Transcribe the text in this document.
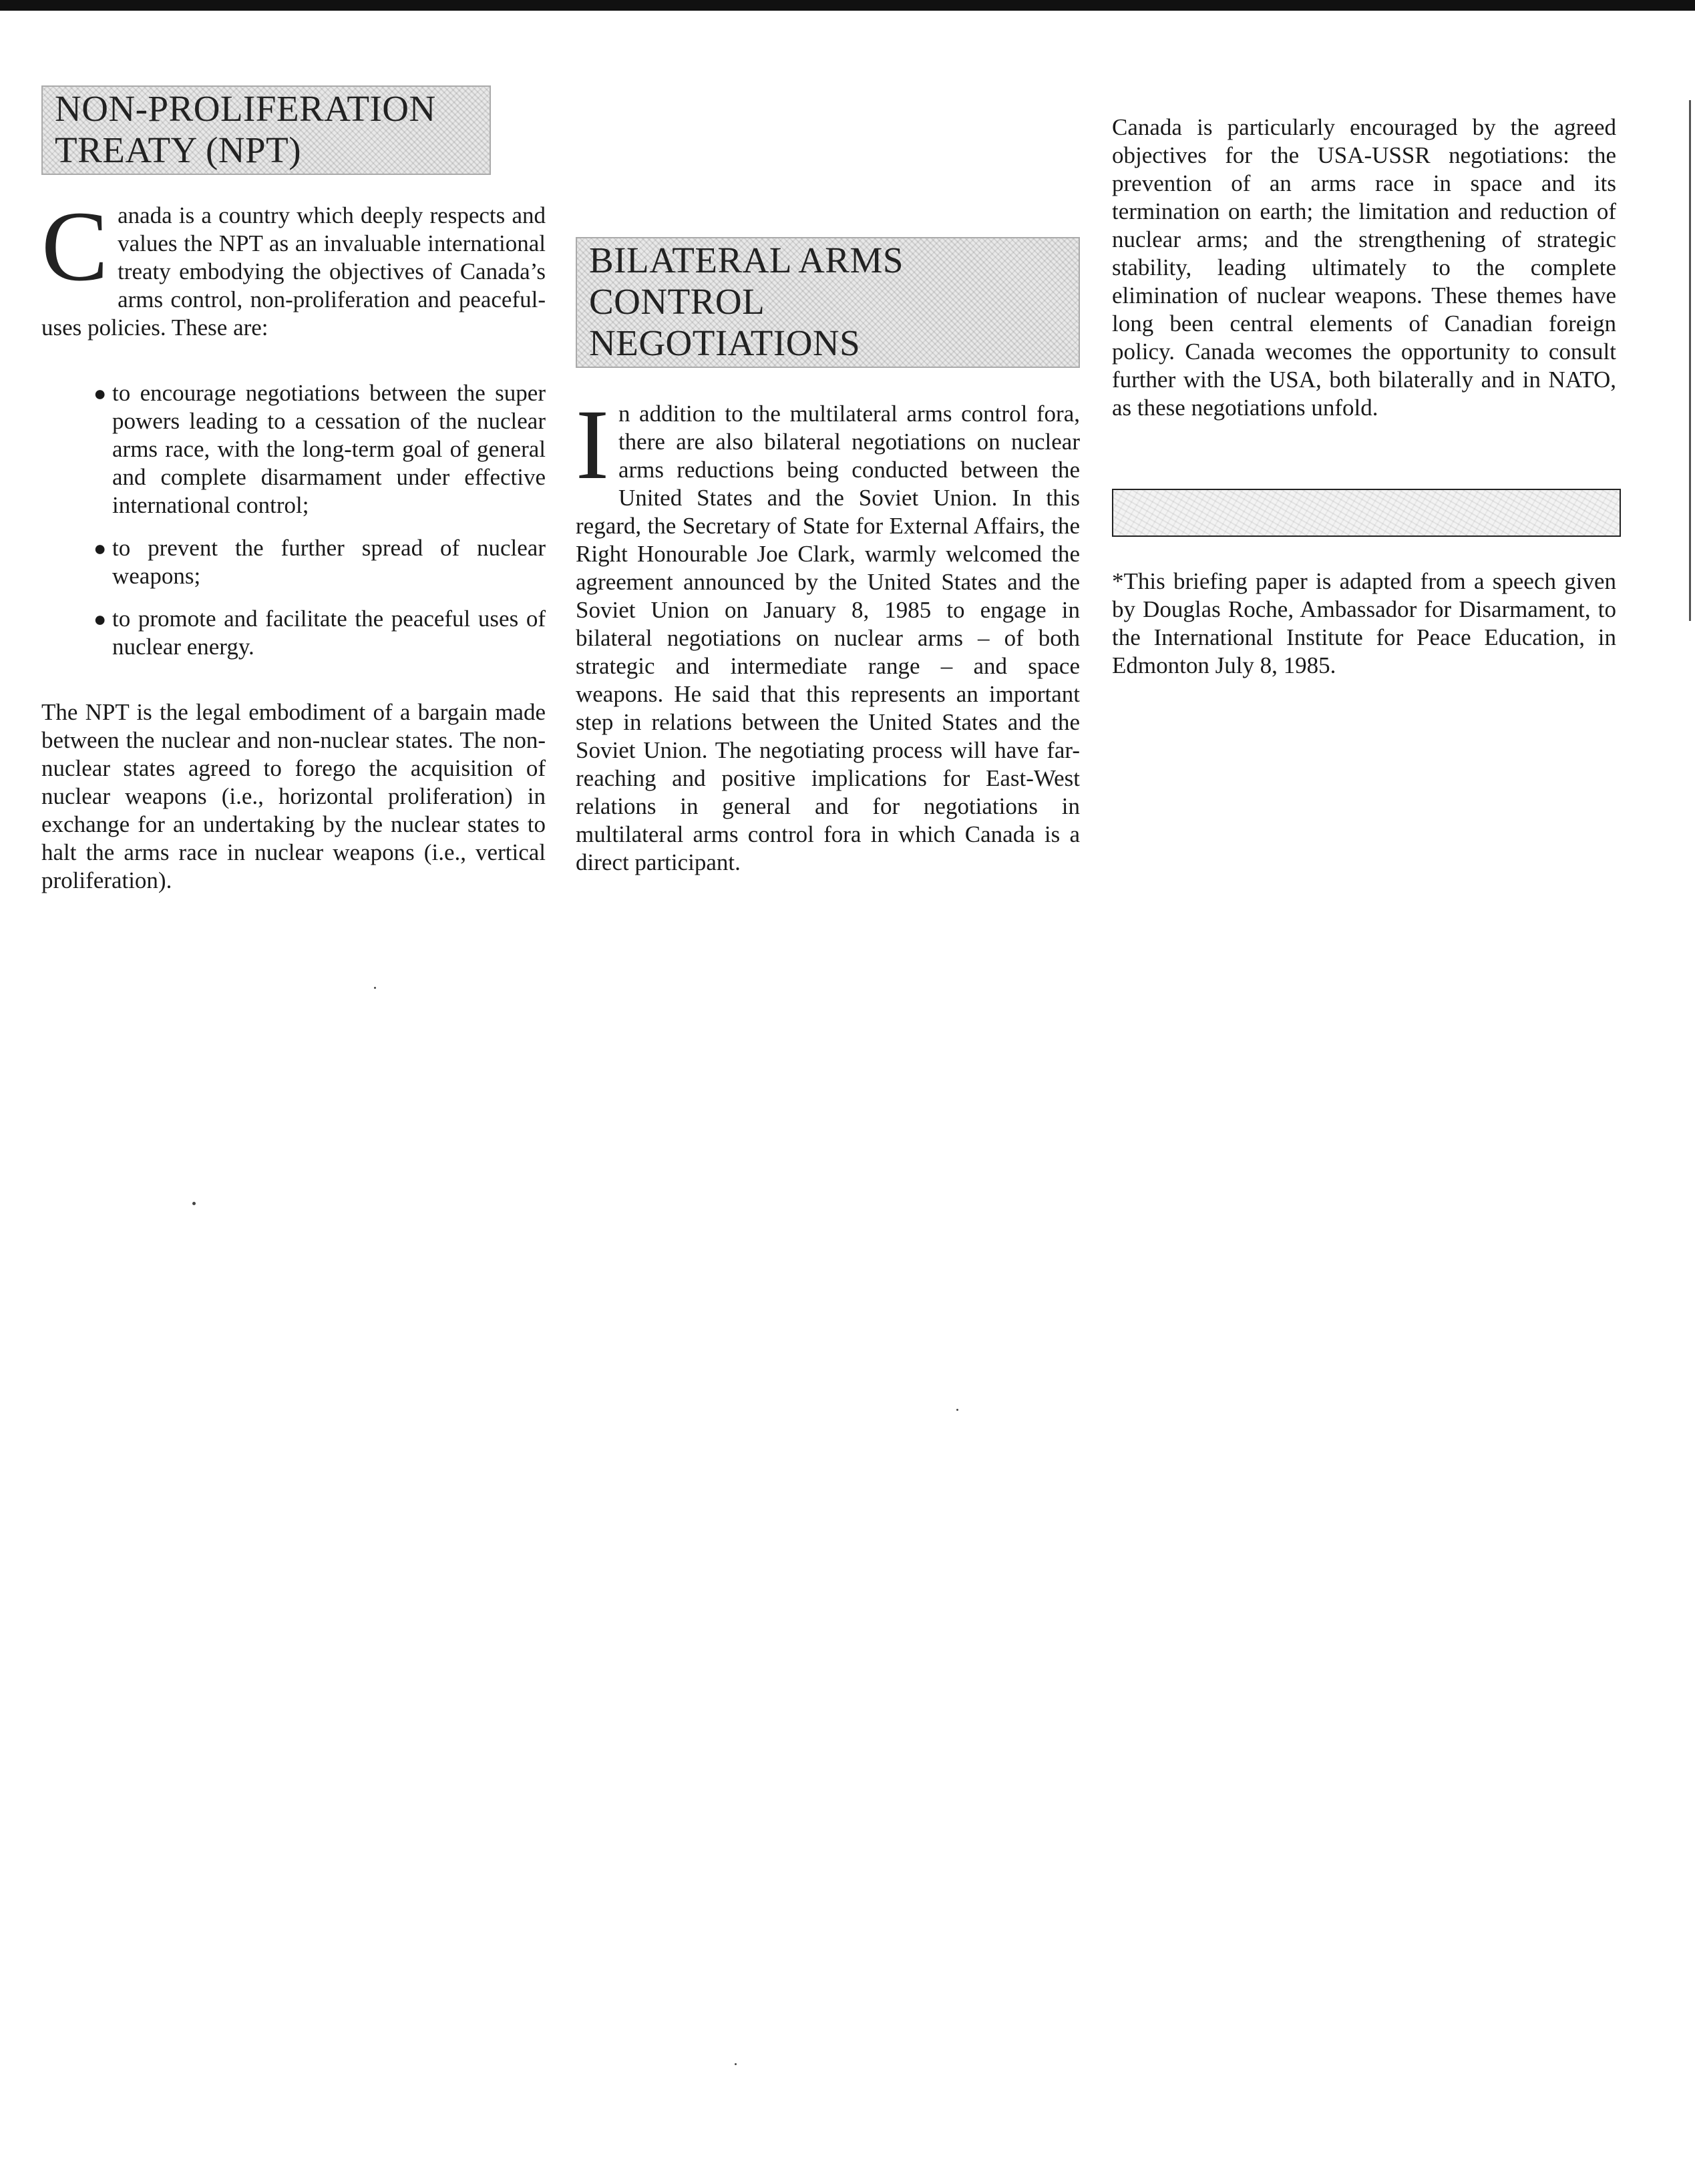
NON-PROLIFERATION
TREATY (NPT)

Canada is a country which deeply respects and values the NPT as an invaluable international treaty embodying the objectives of Canada’s arms control, non-proliferation and peaceful-uses policies. These are:

● to encourage negotiations between the super powers leading to a cessation of the nuclear arms race, with the long-term goal of general and complete disarmament under effective international control;
● to prevent the further spread of nuclear weapons;
● to promote and facilitate the peaceful uses of nuclear energy.

The NPT is the legal embodiment of a bargain made between the nuclear and non-nuclear states. The non-nuclear states agreed to forego the acquisition of nuclear weapons (i.e., horizontal proliferation) in exchange for an undertaking by the nuclear states to halt the arms race in nuclear weapons (i.e., vertical proliferation).

BILATERAL ARMS
CONTROL NEGOTIATIONS

In addition to the multilateral arms control fora, there are also bilateral negotiations on nuclear arms reductions being conducted between the United States and the Soviet Union. In this regard, the Secretary of State for External Affairs, the Right Honourable Joe Clark, warmly welcomed the agreement announced by the United States and the Soviet Union on January 8, 1985 to engage in bilateral negotiations on nuclear arms – of both strategic and intermediate range – and space weapons. He said that this represents an important step in relations between the United States and the Soviet Union. The negotiating process will have far-reaching and positive implications for East-West relations in general and for negotiations in multilateral arms control fora in which Canada is a direct participant.

Canada is particularly encouraged by the agreed objectives for the USA-USSR negotiations: the prevention of an arms race in space and its termination on earth; the limitation and reduction of nuclear arms; and the strengthening of strategic stability, leading ultimately to the complete elimination of nuclear weapons. These themes have long been central elements of Canadian foreign policy. Canada wecomes the opportunity to consult further with the USA, both bilaterally and in NATO, as these negotiations unfold.

*This briefing paper is adapted from a speech given by Douglas Roche, Ambassador for Disarmament, to the International Institute for Peace Education, in Edmonton July 8, 1985.
